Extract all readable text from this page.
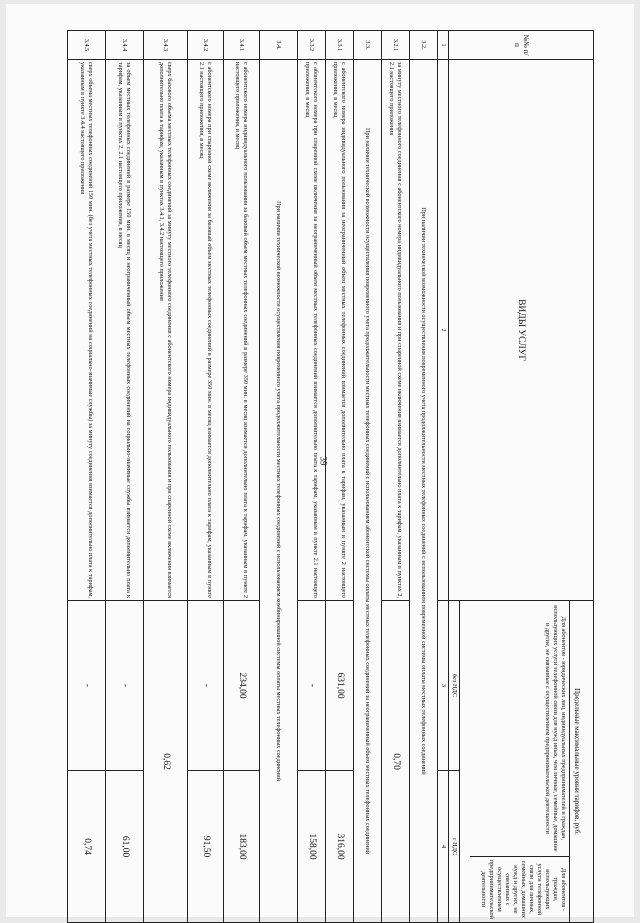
39
№№ п/п	ВИДЫ УСЛУГ	Предельные максимальные уровни тарифов, руб.
Для абонентов - юридических лиц, индивидуальных предпринимателей и граждан, использующих услуги телефонной связи для нужд иных, чем личные, семейные, домашние и другие, не связанные с осуществлением предпринимательской деятельности
Для абонентов - граждан, использующих услуги телефонной связи для личных, семейных, домашних нужд и других, не связанных с осуществлением предпринимательской деятельности	

		без НДС	с НДС

1	2	3	4
3.2.	При наличии технической возможности осуществления повременного учета продолжительности местных телефонных соединений с использованием повременной системы оплаты местных телефонных соединений		
3.2.1	за минуту местного телефонного соединения с абонентского номера индивидуального пользования и при спаренной схеме включения взимается дополнительно плата к тарифам, указанным в пунктах 2, 2.1 настоящего приложения	0,70	
3.3.	При наличии технической возможности осуществления повременного учета продолжительности местных телефонных соединений с использованием абонентской системы оплаты местных телефонных соединений за неограниченный объем местных телефонных соединений		
3.3.1	с абонентского номера индивидуального пользования за неограниченный объем местных телефонных соединений взимается дополнительно плата к тарифам, указанным в пункте 2 настоящего приложения, в месяц	631,00	316,00
3.3.2	с абонентского номера при спаренной схеме включения за неограниченный объем местных телефонных соединений взимается дополнительно плата к тарифам, указанным в пункте 2.1 настоящего приложения, в месяц	-	158,00
3.4.	При наличии технической возможности осуществления повременного учета продолжительности местных телефонных соединений с использованием комбинированной системы оплаты местных телефонных соединений		
3.4.1	с абонентского номера индивидуального пользования за базовый объем местных телефонных соединений в размере 350 мин. в месяц взимается дополнительно плата к тарифам, указанным в пункте 2 настоящего приложения, в месяц	234,00	183,00
3.4.2	с абонентского номера при спаренной схеме включения за базовый объем местных телефонных соединений в размере 350 мин. в месяц взимается дополнительно плата к тарифам, указанным в пункте 2.1 настоящего приложения, в месяц	-	91,50
3.4.3	сверх базового объема местных телефонных соединений за минуту местного телефонного соединения с абонентского номера индивидуального пользования и при спаренной схеме включения взимается дополнительно плата к тарифам, указанным в пунктах 3.4.1, 3.4.2 настоящего приложения	0,62	
3.4.4	за объем местных телефонных соединений в размере 150 мин. в месяц и неограниченный объем местных телефонных соединений на социально-значимые службы взимается дополнительно плата к тарифам, указанным в пунктах 2, 2.1 настоящего приложения, в месяц	-	61,00
3.4.5	сверх объема местных телефонных соединений 150 мин. (без учета местных телефонных соединений на социально-значимые службы) за минуту соединения взимается дополнительно плата к тарифам, указанным в пункте 3.4.4 настоящего приложения	-	0,74
